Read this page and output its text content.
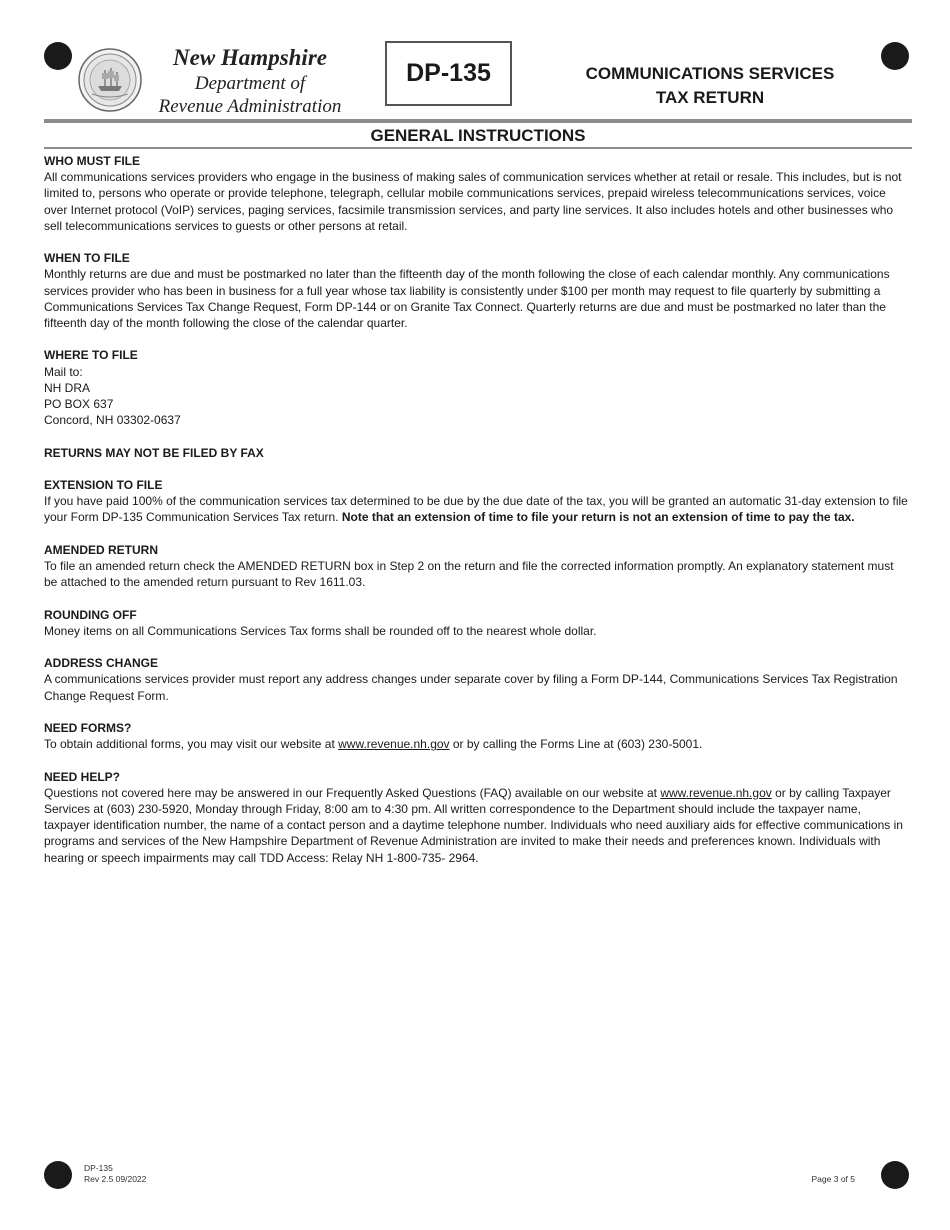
New Hampshire
Department of
Revenue Administration
DP-135	COMMUNICATIONS SERVICES
TAX RETURN
GENERAL INSTRUCTIONS
WHO MUST FILE

All communications services providers who engage in the business of making sales of communication services whether at retail or resale. This includes, but is not limited to, persons who operate or provide telephone, telegraph, cellular mobile communications services, prepaid wireless telecommunications services, voice over Internet protocol (VoIP) services, paging services, facsimile transmission services, and party line services. It also includes hotels and other businesses who sell telecommunications services to guests or other persons at retail.

WHEN TO FILE

Monthly returns are due and must be postmarked no later than the fifteenth day of the month following the close of each calendar monthly. Any communications services provider who has been in business for a full year whose tax liability is consistently under $100 per month may request to file quarterly by submitting a Communications Services Tax Change Request, Form DP-144 or on Granite Tax Connect. Quarterly returns are due and must be postmarked no later than the fifteenth day of the month following the close of the calendar quarter.

WHERE TO FILE
Mail to:
NH DRA
PO BOX 637
Concord, NH 03302-0637
RETURNS MAY NOT BE FILED BY FAX
EXTENSION TO FILE

If you have paid 100% of the communication services tax determined to be due by the due date of the tax, you will be granted an automatic 31-day extension to file your Form DP-135 Communication Services Tax return. Note that an extension of time to file your return is not an extension of time to pay the tax.

AMENDED RETURN

To file an amended return check the AMENDED RETURN box in Step 2 on the return and file the corrected information promptly. An explanatory statement must be attached to the amended return pursuant to Rev 1611.03.

ROUNDING OFF

Money items on all Communications Services Tax forms shall be rounded off to the nearest whole dollar.

ADDRESS CHANGE

A communications services provider must report any address changes under separate cover by filing a Form DP-144, Communications Services Tax Registration Change Request Form.

NEED FORMS?

To obtain additional forms, you may visit our website at www.revenue.nh.gov or by calling the Forms Line at (603) 230-5001.

NEED HELP?

Questions not covered here may be answered in our Frequently Asked Questions (FAQ) available on our website at www.revenue.nh.gov or by calling Taxpayer Services at (603) 230-5920, Monday through Friday, 8:00 am to 4:30 pm. All written correspondence to the Department should include the taxpayer name, taxpayer identification number, the name of a contact person and a daytime telephone number. Individuals who need auxiliary aids for effective communications in programs and services of the New Hampshire Department of Revenue Administration are invited to make their needs and preferences known. Individuals with hearing or speech impairments may call TDD Access: Relay NH 1-800-735- 2964.

DP-135
Rev 2.5 09/2022	Page 3 of 5
